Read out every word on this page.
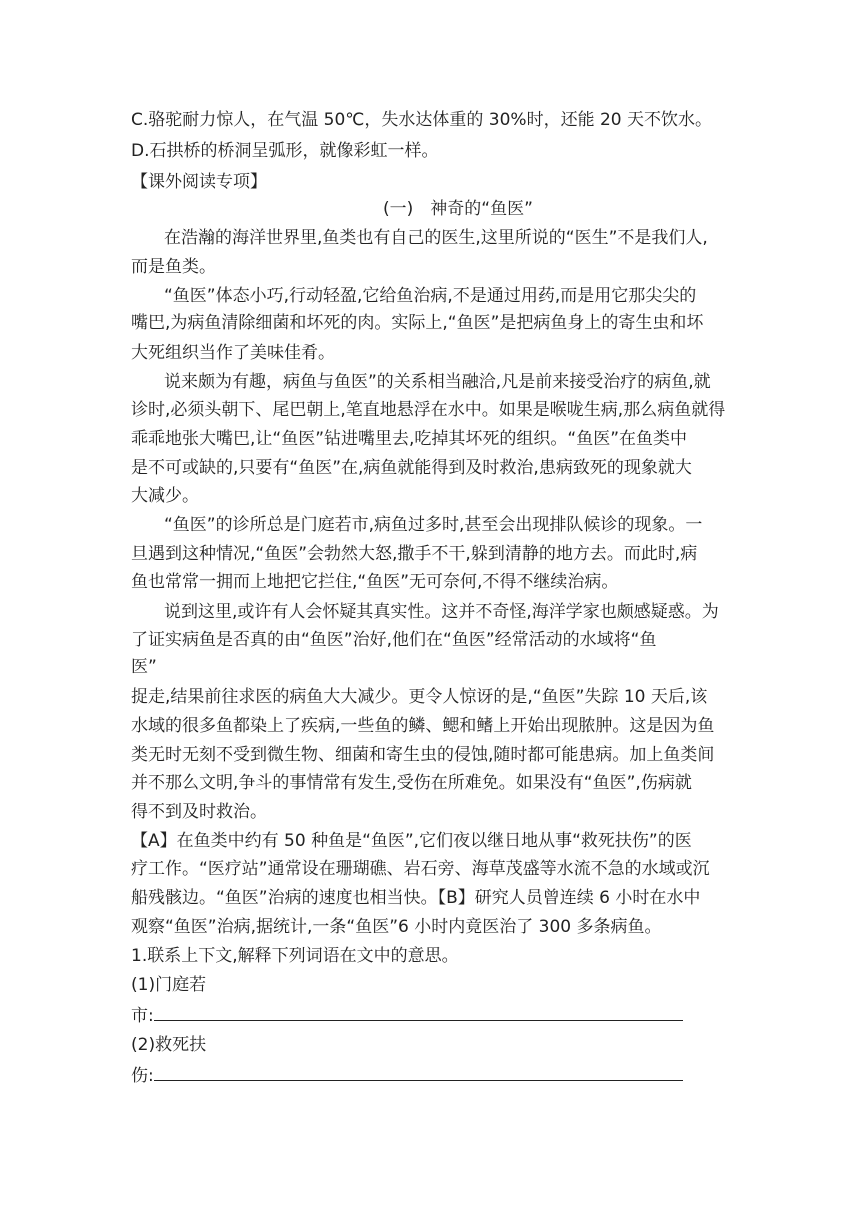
C.骆驼耐力惊人，在气温 50℃，失水达体重的 30%时，还能 20 天不饮水。

D.石拱桥的桥洞呈弧形，就像彩虹一样。

【课外阅读专项】

(一)　神奇的“鱼医”

在浩瀚的海洋世界里,鱼类也有自己的医生,这里所说的“医生”不是我们人,

而是鱼类。

“鱼医”体态小巧,行动轻盈,它给鱼治病,不是通过用药,而是用它那尖尖的

嘴巴,为病鱼清除细菌和坏死的肉。实际上,“鱼医”是把病鱼身上的寄生虫和坏

大死组织当作了美味佳肴。

说来颇为有趣，病鱼与鱼医”的关系相当融洽,凡是前来接受治疗的病鱼,就

诊时,必须头朝下、尾巴朝上,笔直地悬浮在水中。如果是喉咙生病,那么病鱼就得

乖乖地张大嘴巴,让“鱼医”钻进嘴里去,吃掉其坏死的组织。“鱼医”在鱼类中

是不可或缺的,只要有“鱼医”在,病鱼就能得到及时救治,患病致死的现象就大

大减少。

“鱼医”的诊所总是门庭若市,病鱼过多时,甚至会出现排队候诊的现象。一

旦遇到这种情况,“鱼医”会勃然大怒,撒手不干,躲到清静的地方去。而此时,病

鱼也常常一拥而上地把它拦住,“鱼医”无可奈何,不得不继续治病。

说到这里,或许有人会怀疑其真实性。这并不奇怪,海洋学家也颇感疑惑。为

了证实病鱼是否真的由“鱼医”治好,他们在“鱼医”经常活动的水域将“鱼

医”

捉走,结果前往求医的病鱼大大减少。更令人惊讶的是,“鱼医”失踪 10 天后,该

水域的很多鱼都染上了疾病,一些鱼的鳞、鳃和鳍上开始出现脓肿。这是因为鱼

类无时无刻不受到微生物、细菌和寄生虫的侵蚀,随时都可能患病。加上鱼类间

并不那么文明,争斗的事情常有发生,受伤在所难免。如果没有“鱼医”,伤病就

得不到及时救治。

【A】在鱼类中约有 50 种鱼是“鱼医”,它们夜以继日地从事“救死扶伤”的医

疗工作。“医疗站”通常设在珊瑚礁、岩石旁、海草茂盛等水流不急的水域或沉

船残骸边。“鱼医”治病的速度也相当快。【B】研究人员曾连续 6 小时在水中

观察“鱼医”治病,据统计,一条“鱼医”6 小时内竟医治了 300 多条病鱼。

1.联系上下文,解释下列词语在文中的意思。

(1)门庭若

市:

(2)救死扶

伤:
